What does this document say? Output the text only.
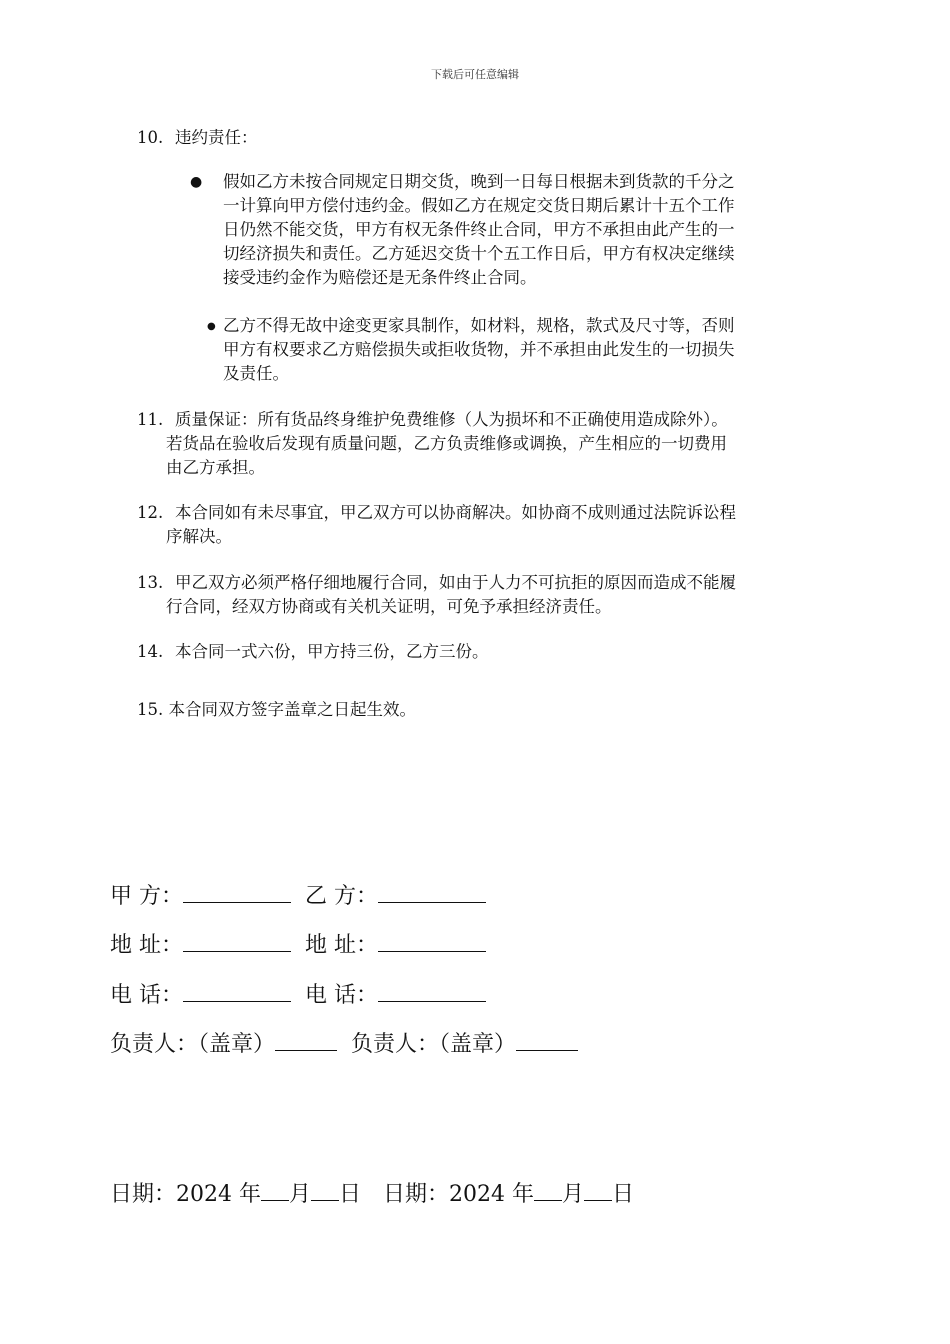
下载后可任意编辑
10. 违约责任：
● 假如乙方未按合同规定日期交货，晚到一日每日根据未到货款的千分之
一计算向甲方偿付违约金。假如乙方在规定交货日期后累计十五个工作
日仍然不能交货，甲方有权无条件终止合同，甲方不承担由此产生的一
切经济损失和责任。乙方延迟交货十个五工作日后，甲方有权决定继续
接受违约金作为赔偿还是无条件终止合同。
● 乙方不得无故中途变更家具制作，如材料，规格，款式及尺寸等，否则
甲方有权要求乙方赔偿损失或拒收货物，并不承担由此发生的一切损失
及责任。
11. 质量保证：所有货品终身维护免费维修（人为损坏和不正确使用造成除外）。
若货品在验收后发现有质量问题，乙方负责维修或调换，产生相应的一切费用
由乙方承担。
12. 本合同如有未尽事宜，甲乙双方可以协商解决。如协商不成则通过法院诉讼程
序解决。
13. 甲乙双方必须严格仔细地履行合同，如由于人力不可抗拒的原因而造成不能履
行合同，经双方协商或有关机关证明，可免予承担经济责任。
14. 本合同一式六份，甲方持三份，乙方三份。
15. 本合同双方签字盖章之日起生效。
甲 方：	乙 方：
地 址：	地 址：
电 话：	电 话：
负责人：（盖章）	负责人：（盖章）
日期：2024 年 月 日 日期：2024 年 月 日
